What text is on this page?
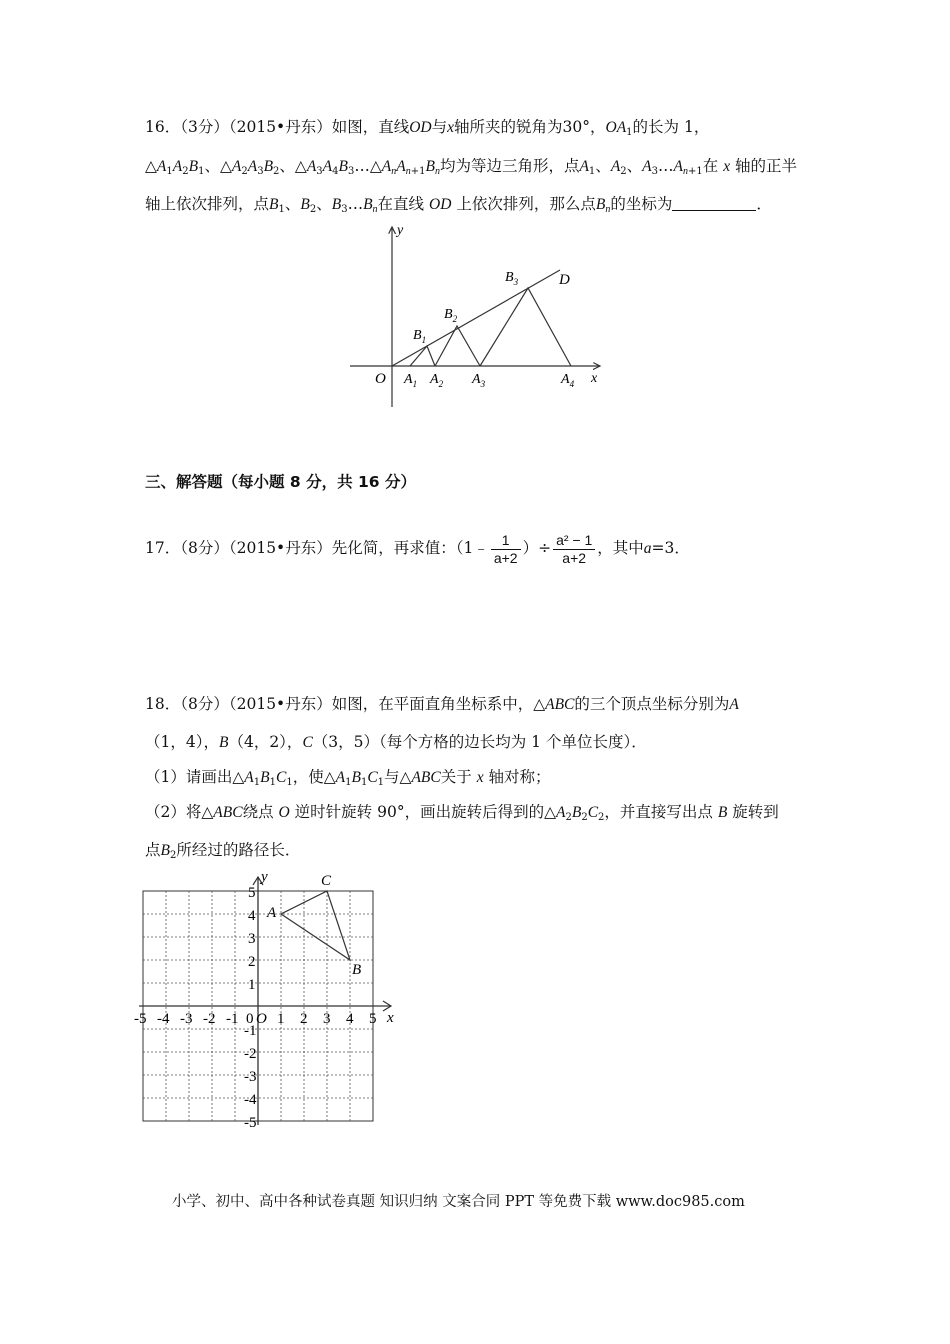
16．（3分）（2015•丹东）如图，直线OD与x轴所夹的锐角为30°，$OA_1$的长为 1，
$\triangle A_1A_2B_1$、$\triangle A_2A_3B_2$、$\triangle A_3A_4B_3\dots\triangle A_nA_{n+1}B_n$均为等边三角形，点$A_1$、$A_2$、$A_3\dots A_{n+1}$在 x 轴的正半
轴上依次排列，点$B_1$、$B_2$、$B_3\dots B_n$在直线 OD 上依次排列，那么点$B_n$的坐标为	．
y
x
O
D
$B_1$
$B_2$
$B_3$
$A_1$ $A_2$ $A_3$	$A_4$
三、解答题（每小题 8 分，共 16 分）
17．（8分）（2015•丹东）先化简，再求值：（1﹣ $\frac{1}{a+2}$ ）÷ $\frac{\text{a² − 1}}{a+2}$ ，其中a=3．
18．（8分）（2015•丹东）如图，在平面直角坐标系中，△ABC的三个顶点坐标分别为A
（1，4），B（4，2），C（3，5）（每个方格的边长均为 1 个单位长度）．
（1）请画出$\triangle A_1B_1C_1$，使$\triangle A_1B_1C_1$与△ABC关于 x 轴对称；
（2）将△ABC绕点 O 逆时针旋转 90°，画出旋转后得到的$\triangle A_2B_2C_2$，并直接写出点 B 旋转到
点$B_2$所经过的路径长．
-5 -4 -3 -2 -1	1 2 3 4 5
0 O
5
4
3
2
1
-1
-2
-3
-4
-5
x
y
A
B
C
小学、初中、高中各种试卷真题 知识归纳 文案合同 PPT 等免费下载 www.doc985.com
